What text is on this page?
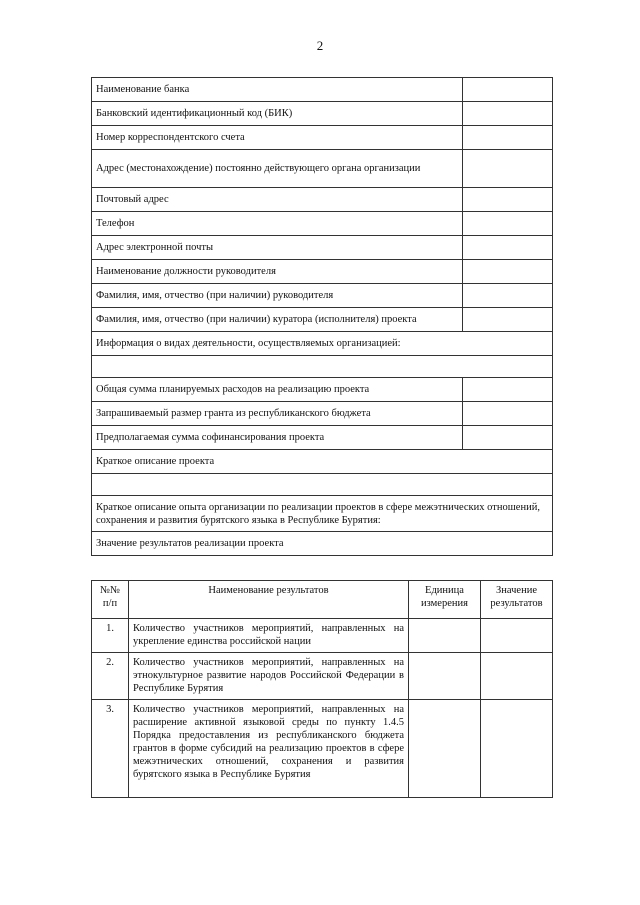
2
Наименование банка	
Банковский идентификационный код (БИК)	
Номер корреспондентского счета	
Адрес (местонахождение) постоянно действующего органа организации	
Почтовый адрес	
Телефон	
Адрес электронной почты	
Наименование должности руководителя	
Фамилия, имя, отчество (при наличии) руководителя	
Фамилия, имя, отчество (при наличии) куратора (исполнителя) проекта	
Информация о видах деятельности, осуществляемых организацией:	

Общая сумма планируемых расходов на реализацию проекта	
Запрашиваемый размер гранта из республиканского бюджета	
Предполагаемая сумма софинансирования проекта	
Краткое описание проекта	

Краткое описание опыта организации по реализации проектов в сфере межэтнических отношений, сохранения и развития бурятского языка в Республике Бурятия:	
Значение результатов реализации проекта	
№№ п/п	Наименование результатов	Единица измерения	Значение результатов
1.	Количество участников мероприятий, направленных на укрепление единства российской нации		
2.	Количество участников мероприятий, направленных на этнокультурное развитие народов Российской Федерации в Республике Бурятия		
3.	Количество участников мероприятий, направленных на расширение активной языковой среды по пункту 1.4.5 Порядка предоставления из республиканского бюджета грантов в форме субсидий на реализацию проектов в сфере межэтнических отношений, сохранения и развития бурятского языка в Республике Бурятия		
